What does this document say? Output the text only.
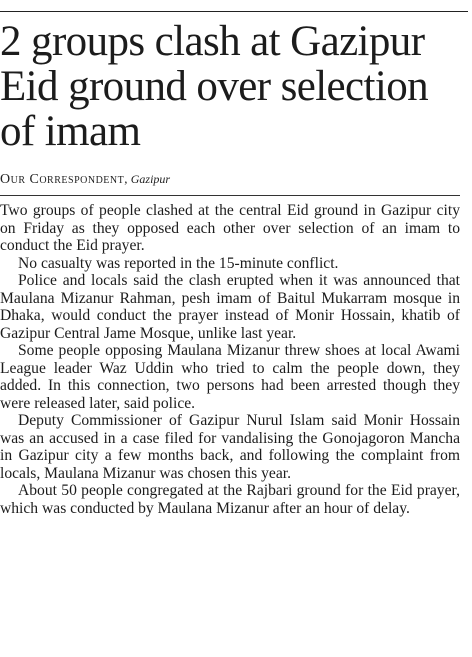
2 groups clash at Gazipur Eid ground over selection of imam
Our Correspondent, Gazipur

Two groups of people clashed at the central Eid ground in Gazipur city on Friday as they opposed each other over selection of an imam to conduct the Eid prayer.

No casualty was reported in the 15-minute conflict.

Police and locals said the clash erupted when it was announced that Maulana Mizanur Rahman, pesh imam of Baitul Mukarram mosque in Dhaka, would conduct the prayer instead of Monir Hossain, khatib of Gazipur Central Jame Mosque, unlike last year.

Some people opposing Maulana Mizanur threw shoes at local Awami League leader Waz Uddin who tried to calm the people down, they added. In this connection, two persons had been arrested though they were released later, said police.

Deputy Commissioner of Gazipur Nurul Islam said Monir Hossain was an accused in a case filed for vandalising the Gonojagoron Mancha in Gazipur city a few months back, and following the complaint from locals, Maulana Mizanur was chosen this year.

About 50 people congregated at the Rajbari ground for the Eid prayer, which was conducted by Maulana Mizanur after an hour of delay.
